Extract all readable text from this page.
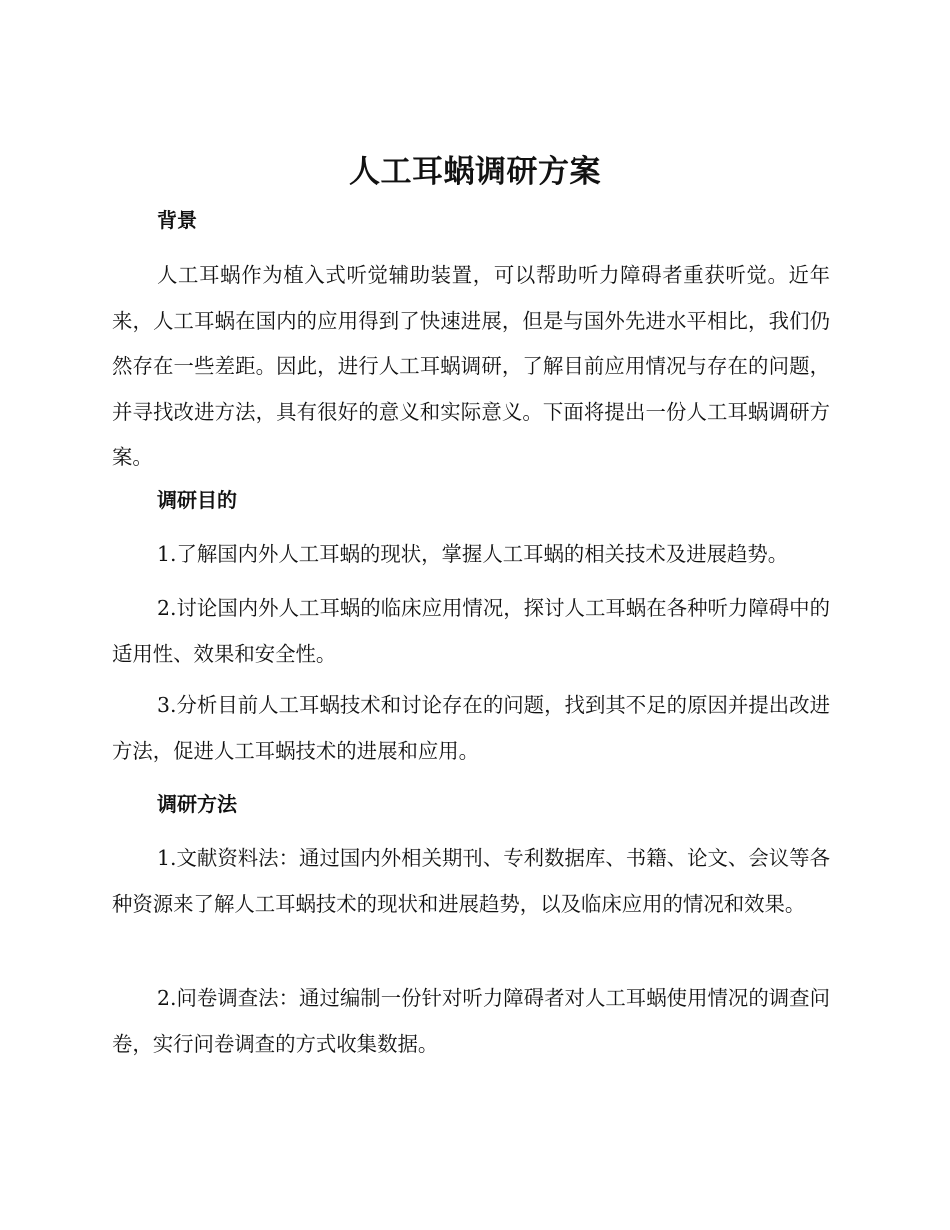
人工耳蜗调研方案
背景
人工耳蜗作为植入式听觉辅助装置，可以帮助听力障碍者重获听觉。近年来，人工耳蜗在国内的应用得到了快速进展，但是与国外先进水平相比，我们仍然存在一些差距。因此，进行人工耳蜗调研，了解目前应用情况与存在的问题，并寻找改进方法，具有很好的意义和实际意义。下面将提出一份人工耳蜗调研方案。
调研目的
1.了解国内外人工耳蜗的现状，掌握人工耳蜗的相关技术及进展趋势。
2.讨论国内外人工耳蜗的临床应用情况，探讨人工耳蜗在各种听力障碍中的适用性、效果和安全性。
3.分析目前人工耳蜗技术和讨论存在的问题，找到其不足的原因并提出改进方法，促进人工耳蜗技术的进展和应用。
调研方法
1.文献资料法：通过国内外相关期刊、专利数据库、书籍、论文、会议等各种资源来了解人工耳蜗技术的现状和进展趋势，以及临床应用的情况和效果。
2.问卷调查法：通过编制一份针对听力障碍者对人工耳蜗使用情况的调查问卷，实行问卷调查的方式收集数据。
